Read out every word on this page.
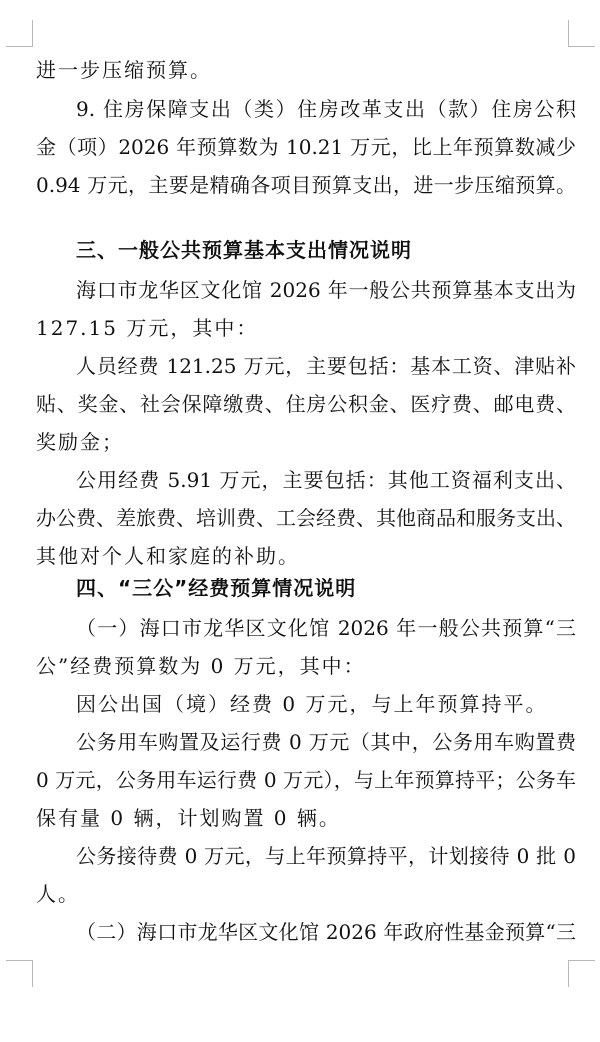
进一步压缩预算。

9. 住房保障支出（类）住房改革支出（款）住房公积

金（项）2026 年预算数为 10.21 万元，比上年预算数减少

0.94 万元，主要是精确各项目预算支出，进一步压缩预算。

三、一般公共预算基本支出情况说明

海口市龙华区文化馆 2026 年一般公共预算基本支出为

127.15 万元，其中：

人员经费 121.25 万元，主要包括：基本工资、津贴补

贴、奖金、社会保障缴费、住房公积金、医疗费、邮电费、

奖励金；

公用经费 5.91 万元，主要包括：其他工资福利支出、

办公费、差旅费、培训费、工会经费、其他商品和服务支出、

其他对个人和家庭的补助。

四、“三公”经费预算情况说明

（一）海口市龙华区文化馆 2026 年一般公共预算“三

公”经费预算数为 0 万元，其中：

因公出国（境）经费 0 万元，与上年预算持平。

公务用车购置及运行费 0 万元（其中，公务用车购置费

0 万元，公务用车运行费 0 万元），与上年预算持平；公务车

保有量 0 辆，计划购置 0 辆。

公务接待费 0 万元，与上年预算持平，计划接待 0 批 0

人。

（二）海口市龙华区文化馆 2026 年政府性基金预算“三
